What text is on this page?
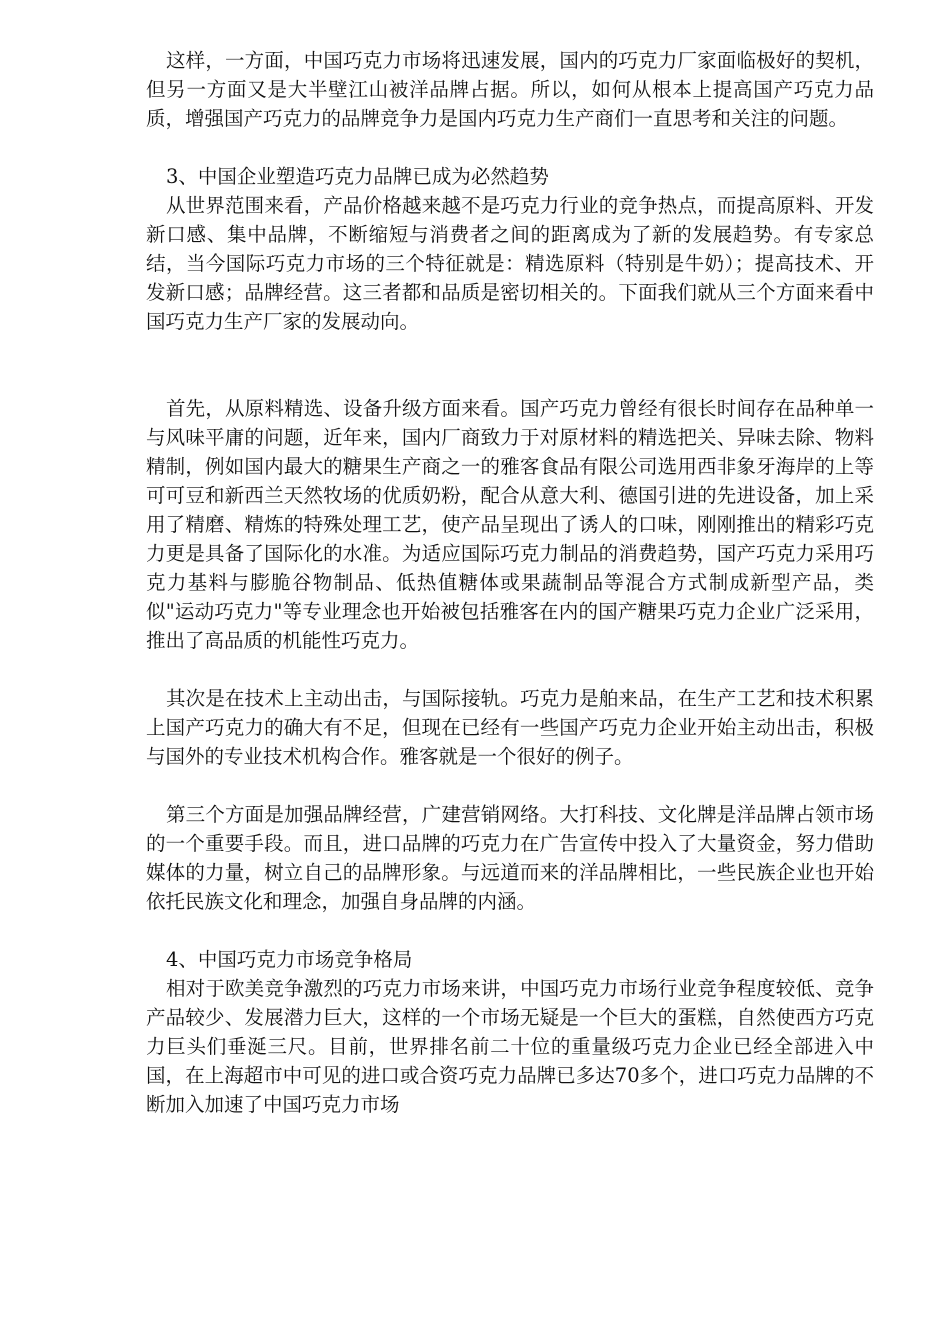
这样，一方面，中国巧克力市场将迅速发展，国内的巧克力厂家面临极好的契机，但另一方面又是大半壁江山被洋品牌占据。所以，如何从根本上提高国产巧克力品质，增强国产巧克力的品牌竞争力是国内巧克力生产商们一直思考和关注的问题。

3、中国企业塑造巧克力品牌已成为必然趋势

从世界范围来看，产品价格越来越不是巧克力行业的竞争热点，而提高原料、开发新口感、集中品牌，不断缩短与消费者之间的距离成为了新的发展趋势。有专家总结，当今国际巧克力市场的三个特征就是：精选原料（特别是牛奶）；提高技术、开发新口感；品牌经营。这三者都和品质是密切相关的。下面我们就从三个方面来看中国巧克力生产厂家的发展动向。

首先，从原料精选、设备升级方面来看。国产巧克力曾经有很长时间存在品种单一与风味平庸的问题，近年来，国内厂商致力于对原材料的精选把关、异味去除、物料精制，例如国内最大的糖果生产商之一的雅客食品有限公司选用西非象牙海岸的上等可可豆和新西兰天然牧场的优质奶粉，配合从意大利、德国引进的先进设备，加上采用了精磨、精炼的特殊处理工艺，使产品呈现出了诱人的口味，刚刚推出的精彩巧克力更是具备了国际化的水准。为适应国际巧克力制品的消费趋势，国产巧克力采用巧克力基料与膨脆谷物制品、低热值糖体或果蔬制品等混合方式制成新型产品，类似"运动巧克力"等专业理念也开始被包括雅客在内的国产糖果巧克力企业广泛采用，推出了高品质的机能性巧克力。

其次是在技术上主动出击，与国际接轨。巧克力是舶来品，在生产工艺和技术积累上国产巧克力的确大有不足，但现在已经有一些国产巧克力企业开始主动出击，积极与国外的专业技术机构合作。雅客就是一个很好的例子。

第三个方面是加强品牌经营，广建营销网络。大打科技、文化牌是洋品牌占领市场的一个重要手段。而且，进口品牌的巧克力在广告宣传中投入了大量资金，努力借助媒体的力量，树立自己的品牌形象。与远道而来的洋品牌相比，一些民族企业也开始依托民族文化和理念，加强自身品牌的内涵。

4、中国巧克力市场竞争格局

相对于欧美竞争激烈的巧克力市场来讲，中国巧克力市场行业竞争程度较低、竞争产品较少、发展潜力巨大，这样的一个市场无疑是一个巨大的蛋糕，自然使西方巧克力巨头们垂涎三尺。目前，世界排名前二十位的重量级巧克力企业已经全部进入中国，在上海超市中可见的进口或合资巧克力品牌已多达70多个，进口巧克力品牌的不断加入加速了中国巧克力市场
